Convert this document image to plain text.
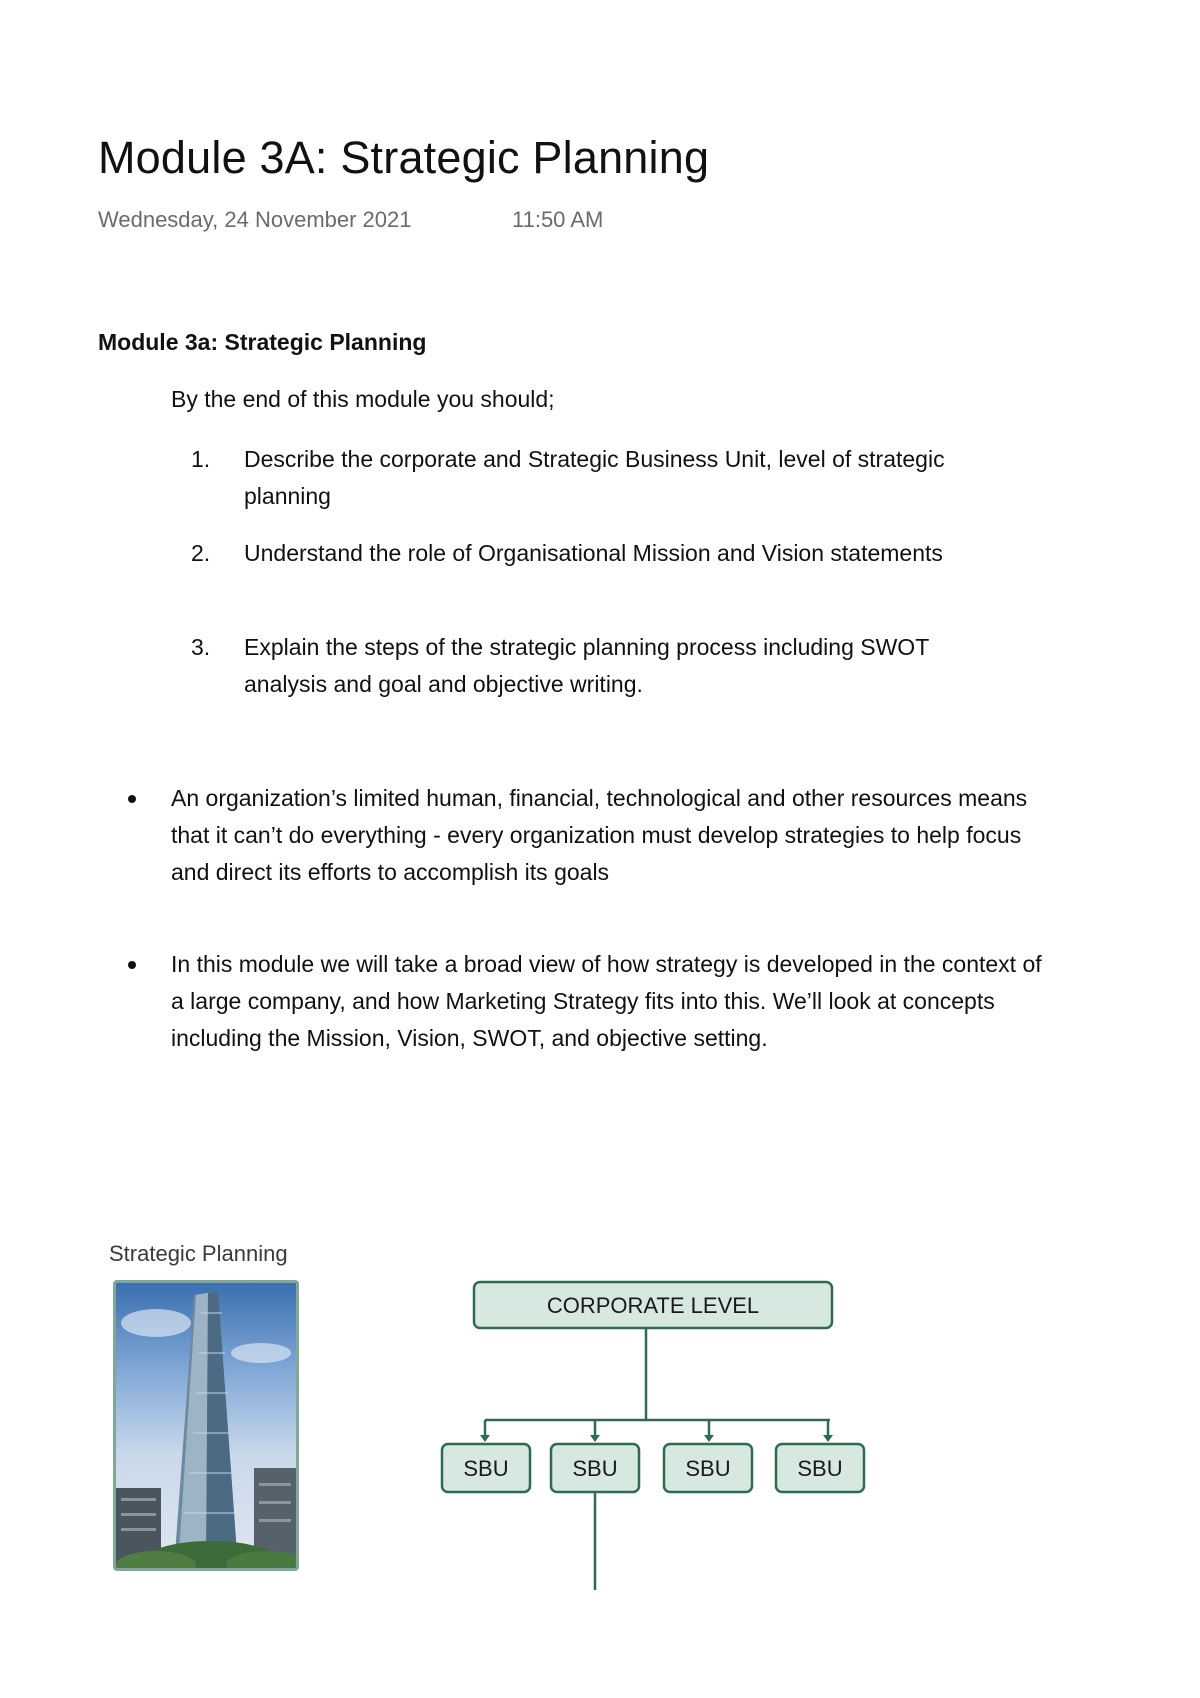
Module 3A: Strategic Planning
Wednesday, 24 November 2021	11:50 AM
Module 3a: Strategic Planning
By the end of this module you should;
1. Describe the corporate and Strategic Business Unit, level of strategic planning
2. Understand the role of Organisational Mission and Vision statements
3. Explain the steps of the strategic planning process including SWOT analysis and goal and objective writing.
An organization’s limited human, financial, technological and other resources means that it can’t do everything - every organization must develop strategies to help focus and direct its efforts to accomplish its goals
In this module we will take a broad view of how strategy is developed in the context of a large company, and how Marketing Strategy fits into this. We’ll look at concepts including the Mission, Vision, SWOT, and objective setting.
Strategic Planning
CORPORATE LEVEL
SBU	SBU	SBU	SBU
